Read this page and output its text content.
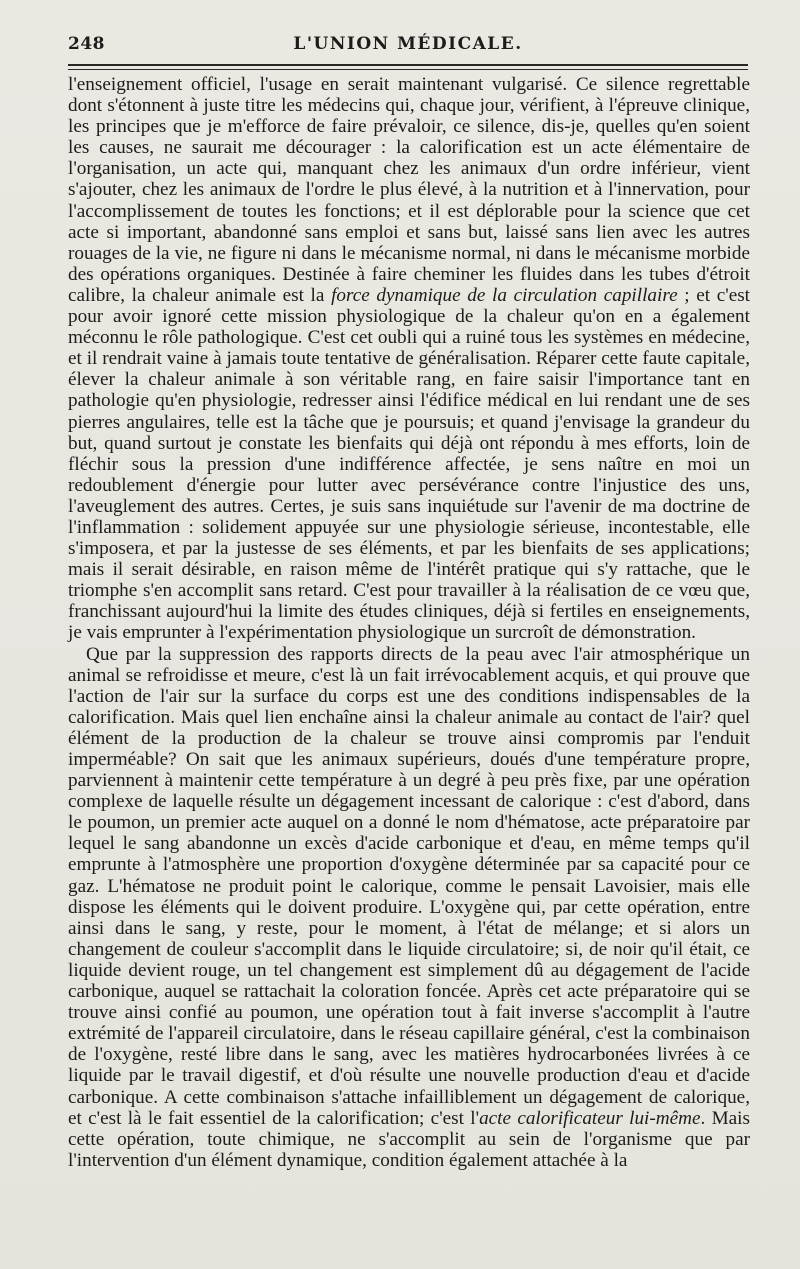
248	L'UNION MÉDICALE.

l'enseignement officiel, l'usage en serait maintenant vulgarisé. Ce silence regrettable dont s'étonnent à juste titre les médecins qui, chaque jour, vérifient, à l'épreuve clinique, les principes que je m'efforce de faire prévaloir, ce silence, dis-je, quelles qu'en soient les causes, ne saurait me décourager : la calorification est un acte élémentaire de l'organisation, un acte qui, manquant chez les animaux d'un ordre inférieur, vient s'ajouter, chez les animaux de l'ordre le plus élevé, à la nutrition et à l'innervation, pour l'accomplissement de toutes les fonctions; et il est déplorable pour la science que cet acte si important, abandonné sans emploi et sans but, laissé sans lien avec les autres rouages de la vie, ne figure ni dans le mécanisme normal, ni dans le mécanisme morbide des opérations organiques. Destinée à faire cheminer les fluides dans les tubes d'étroit calibre, la chaleur animale est la force dynamique de la circulation capillaire ; et c'est pour avoir ignoré cette mission physiologique de la chaleur qu'on en a également méconnu le rôle pathologique. C'est cet oubli qui a ruiné tous les systèmes en médecine, et il rendrait vaine à jamais toute tentative de généralisation. Réparer cette faute capitale, élever la chaleur animale à son véritable rang, en faire saisir l'importance tant en pathologie qu'en physiologie, redresser ainsi l'édifice médical en lui rendant une de ses pierres angulaires, telle est la tâche que je poursuis; et quand j'envisage la grandeur du but, quand surtout je constate les bienfaits qui déjà ont répondu à mes efforts, loin de fléchir sous la pression d'une indifférence affectée, je sens naître en moi un redoublement d'énergie pour lutter avec persévérance contre l'injustice des uns, l'aveuglement des autres. Certes, je suis sans inquiétude sur l'avenir de ma doctrine de l'inflammation : solidement appuyée sur une physiologie sérieuse, incontestable, elle s'imposera, et par la justesse de ses éléments, et par les bienfaits de ses applications; mais il serait désirable, en raison même de l'intérêt pratique qui s'y rattache, que le triomphe s'en accomplit sans retard. C'est pour travailler à la réalisation de ce vœu que, franchissant aujourd'hui la limite des études cliniques, déjà si fertiles en enseignements, je vais emprunter à l'expérimentation physiologique un surcroît de démonstration.

Que par la suppression des rapports directs de la peau avec l'air atmosphérique un animal se refroidisse et meure, c'est là un fait irrévocablement acquis, et qui prouve que l'action de l'air sur la surface du corps est une des conditions indispensables de la calorification. Mais quel lien enchaîne ainsi la chaleur animale au contact de l'air? quel élément de la production de la chaleur se trouve ainsi compromis par l'enduit imperméable? On sait que les animaux supérieurs, doués d'une température propre, parviennent à maintenir cette température à un degré à peu près fixe, par une opération complexe de laquelle résulte un dégagement incessant de calorique : c'est d'abord, dans le poumon, un premier acte auquel on a donné le nom d'hématose, acte préparatoire par lequel le sang abandonne un excès d'acide carbonique et d'eau, en même temps qu'il emprunte à l'atmosphère une proportion d'oxygène déterminée par sa capacité pour ce gaz. L'hématose ne produit point le calorique, comme le pensait Lavoisier, mais elle dispose les éléments qui le doivent produire. L'oxygène qui, par cette opération, entre ainsi dans le sang, y reste, pour le moment, à l'état de mélange; et si alors un changement de couleur s'accomplit dans le liquide circulatoire; si, de noir qu'il était, ce liquide devient rouge, un tel changement est simplement dû au dégagement de l'acide carbonique, auquel se rattachait la coloration foncée. Après cet acte préparatoire qui se trouve ainsi confié au poumon, une opération tout à fait inverse s'accomplit à l'autre extrémité de l'appareil circulatoire, dans le réseau capillaire général, c'est la combinaison de l'oxygène, resté libre dans le sang, avec les matières hydrocarbonées livrées à ce liquide par le travail digestif, et d'où résulte une nouvelle production d'eau et d'acide carbonique. A cette combinaison s'attache infailliblement un dégagement de calorique, et c'est là le fait essentiel de la calorification; c'est l'acte calorificateur lui-même. Mais cette opération, toute chimique, ne s'accomplit au sein de l'organisme que par l'intervention d'un élément dynamique, condition également attachée à la
